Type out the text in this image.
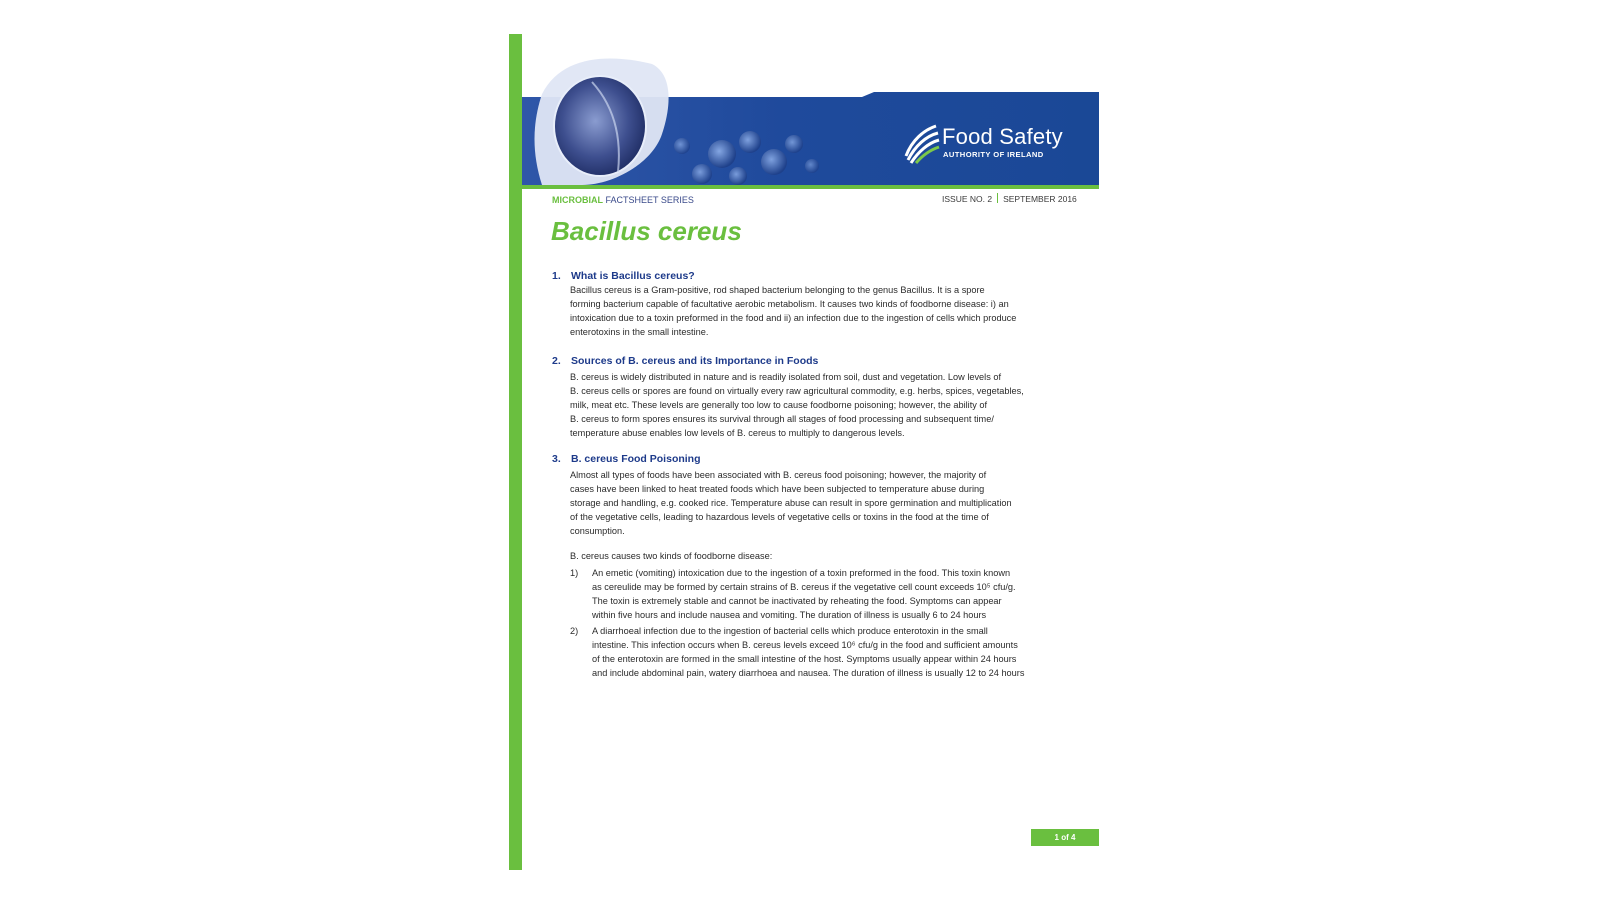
Food Safety
AUTHORITY OF IRELAND
MICROBIAL FACTSHEET SERIES	ISSUE NO. 2 SEPTEMBER 2016
Bacillus cereus
1. What is Bacillus cereus?
Bacillus cereus is a Gram-positive, rod shaped bacterium belonging to the genus Bacillus. It is a spore
forming bacterium capable of facultative aerobic metabolism. It causes two kinds of foodborne disease: i) an
intoxication due to a toxin preformed in the food and ii) an infection due to the ingestion of cells which produce
enterotoxins in the small intestine.
2. Sources of B. cereus and its Importance in Foods
B. cereus is widely distributed in nature and is readily isolated from soil, dust and vegetation. Low levels of
B. cereus cells or spores are found on virtually every raw agricultural commodity, e.g. herbs, spices, vegetables,
milk, meat etc. These levels are generally too low to cause foodborne poisoning; however, the ability of
B. cereus to form spores ensures its survival through all stages of food processing and subsequent time/
temperature abuse enables low levels of B. cereus to multiply to dangerous levels.
3. B. cereus Food Poisoning
Almost all types of foods have been associated with B. cereus food poisoning; however, the majority of
cases have been linked to heat treated foods which have been subjected to temperature abuse during
storage and handling, e.g. cooked rice. Temperature abuse can result in spore germination and multiplication
of the vegetative cells, leading to hazardous levels of vegetative cells or toxins in the food at the time of
consumption.
B. cereus causes two kinds of foodborne disease:
1) An emetic (vomiting) intoxication due to the ingestion of a toxin preformed in the food. This toxin known
as cereulide may be formed by certain strains of B. cereus if the vegetative cell count exceeds 10⁵ cfu/g.
The toxin is extremely stable and cannot be inactivated by reheating the food. Symptoms can appear
within five hours and include nausea and vomiting. The duration of illness is usually 6 to 24 hours
2) A diarrhoeal infection due to the ingestion of bacterial cells which produce enterotoxin in the small
intestine. This infection occurs when B. cereus levels exceed 10⁶ cfu/g in the food and sufficient amounts
of the enterotoxin are formed in the small intestine of the host. Symptoms usually appear within 24 hours
and include abdominal pain, watery diarrhoea and nausea. The duration of illness is usually 12 to 24 hours
1 of 4
